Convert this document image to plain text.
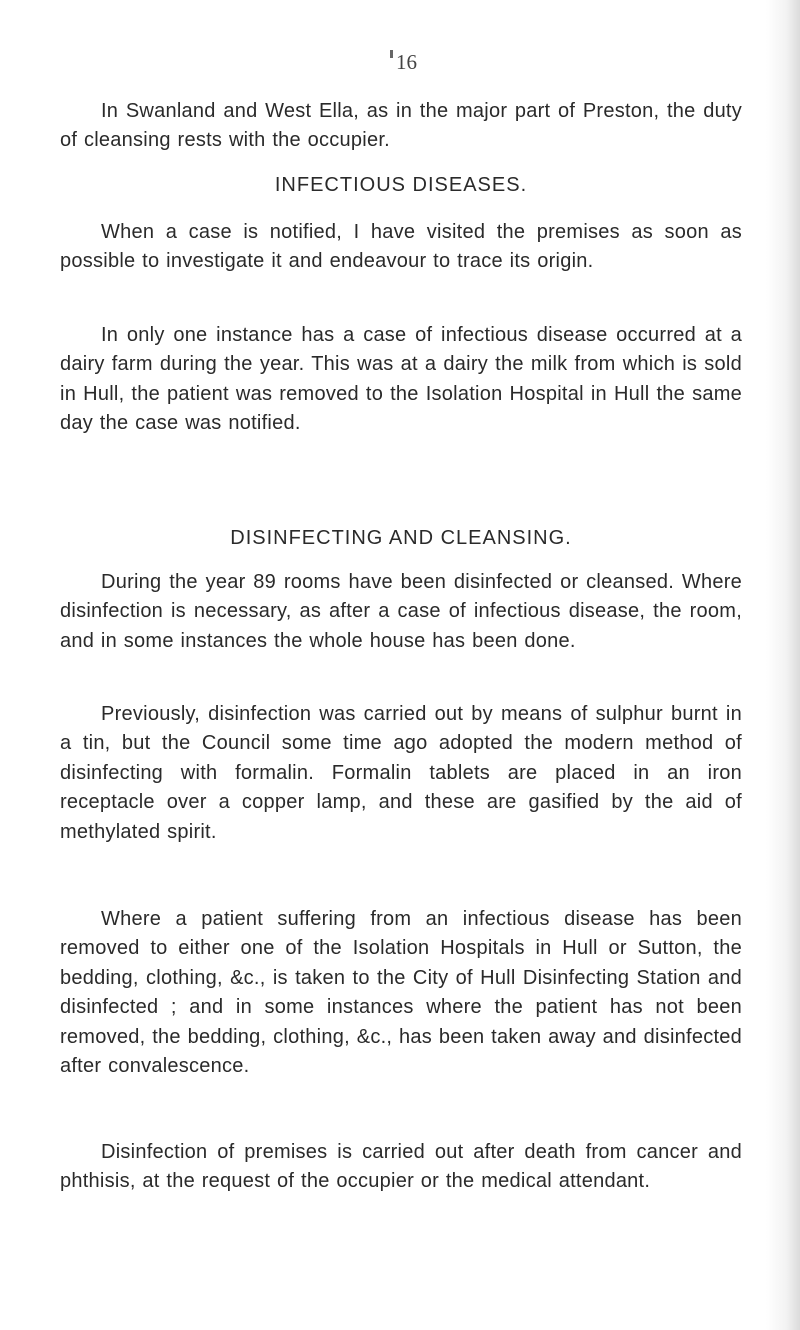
16

In Swanland and West Ella, as in the major part of Preston, the duty of cleansing rests with the occupier.

INFECTIOUS DISEASES.

When a case is notified, I have visited the premises as soon as possible to investigate it and endeavour to trace its origin.

In only one instance has a case of infectious disease occurred at a dairy farm during the year. This was at a dairy the milk from which is sold in Hull, the patient was removed to the Isolation Hospital in Hull the same day the case was notified.

DISINFECTING AND CLEANSING.

During the year 89 rooms have been disinfected or cleansed. Where disinfection is necessary, as after a case of infectious disease, the room, and in some instances the whole house has been done.

Previously, disinfection was carried out by means of sulphur burnt in a tin, but the Council some time ago adopted the modern method of disinfecting with formalin. Formalin tablets are placed in an iron receptacle over a copper lamp, and these are gasified by the aid of methylated spirit.

Where a patient suffering from an infectious disease has been removed to either one of the Isolation Hospitals in Hull or Sutton, the bedding, clothing, &c., is taken to the City of Hull Disinfecting Station and disinfected ; and in some instances where the patient has not been removed, the bedding, clothing, &c., has been taken away and disinfected after convalescence.

Disinfection of premises is carried out after death from cancer and phthisis, at the request of the occupier or the medical attendant.
